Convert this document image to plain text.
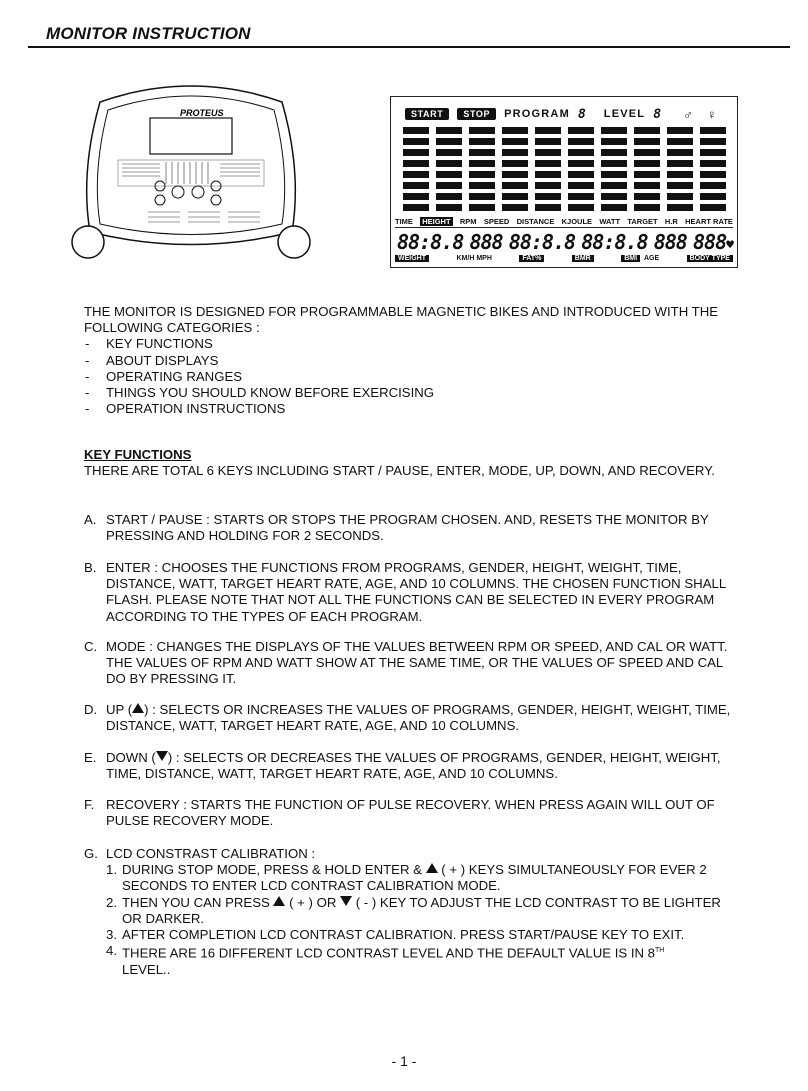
MONITOR INSTRUCTION
PROTEUS	START	STOP	PROGRAM 8 LEVEL 8 ♂ ♀
TIME HEIGHT RPM SPEED DISTANCE KJOULE WATT TARGET H.R HEART RATE
88:8.8 888 88:8.8 88:8.8 888 888♥
WEIGHT	KM/H MPH	FAT%	BMR	BMI AGE	BODY TYPE

THE MONITOR IS DESIGNED FOR PROGRAMMABLE MAGNETIC BIKES AND INTRODUCED WITH THE FOLLOWING CATEGORIES :

- KEY FUNCTIONS
- ABOUT DISPLAYS
- OPERATING RANGES
- THINGS YOU SHOULD KNOW BEFORE EXERCISING
- OPERATION INSTRUCTIONS
KEY FUNCTIONS

THERE ARE TOTAL 6 KEYS INCLUDING START / PAUSE, ENTER, MODE, UP, DOWN, AND RECOVERY.

A. START / PAUSE : STARTS OR STOPS THE PROGRAM CHOSEN. AND, RESETS THE MONITOR BY PRESSING AND HOLDING FOR 2 SECONDS.

B. ENTER : CHOOSES THE FUNCTIONS FROM PROGRAMS, GENDER, HEIGHT, WEIGHT, TIME, DISTANCE, WATT, TARGET HEART RATE, AGE, AND 10 COLUMNS. THE CHOSEN FUNCTION SHALL FLASH. PLEASE NOTE THAT NOT ALL THE FUNCTIONS CAN BE SELECTED IN EVERY PROGRAM ACCORDING TO THE TYPES OF EACH PROGRAM.

C. MODE : CHANGES THE DISPLAYS OF THE VALUES BETWEEN RPM OR SPEED, AND CAL OR WATT. THE VALUES OF RPM AND WATT SHOW AT THE SAME TIME, OR THE VALUES OF SPEED AND CAL DO BY PRESSING IT.

D. UP ( ) : SELECTS OR INCREASES THE VALUES OF PROGRAMS, GENDER, HEIGHT, WEIGHT, TIME, DISTANCE, WATT, TARGET HEART RATE, AGE, AND 10 COLUMNS.

E. DOWN ( ) : SELECTS OR DECREASES THE VALUES OF PROGRAMS, GENDER, HEIGHT, WEIGHT, TIME, DISTANCE, WATT, TARGET HEART RATE, AGE, AND 10 COLUMNS.

F. RECOVERY : STARTS THE FUNCTION OF PULSE RECOVERY. WHEN PRESS AGAIN WILL OUT OF PULSE RECOVERY MODE.

G. LCD CONSTRAST CALIBRATION :

1. DURING STOP MODE, PRESS & HOLD ENTER & ( + ) KEYS SIMULTANEOUSLY FOR EVER 2 SECONDS TO ENTER LCD CONTRAST CALIBRATION MODE.

2. THEN YOU CAN PRESS ( + ) OR ( - ) KEY TO ADJUST THE LCD CONTRAST TO BE LIGHTER OR DARKER.

3. AFTER COMPLETION LCD CONTRAST CALIBRATION. PRESS START/PAUSE KEY TO EXIT.

4. THERE ARE 16 DIFFERENT LCD CONTRAST LEVEL AND THE DEFAULT VALUE IS IN 8TH
LEVEL..

- 1 -
